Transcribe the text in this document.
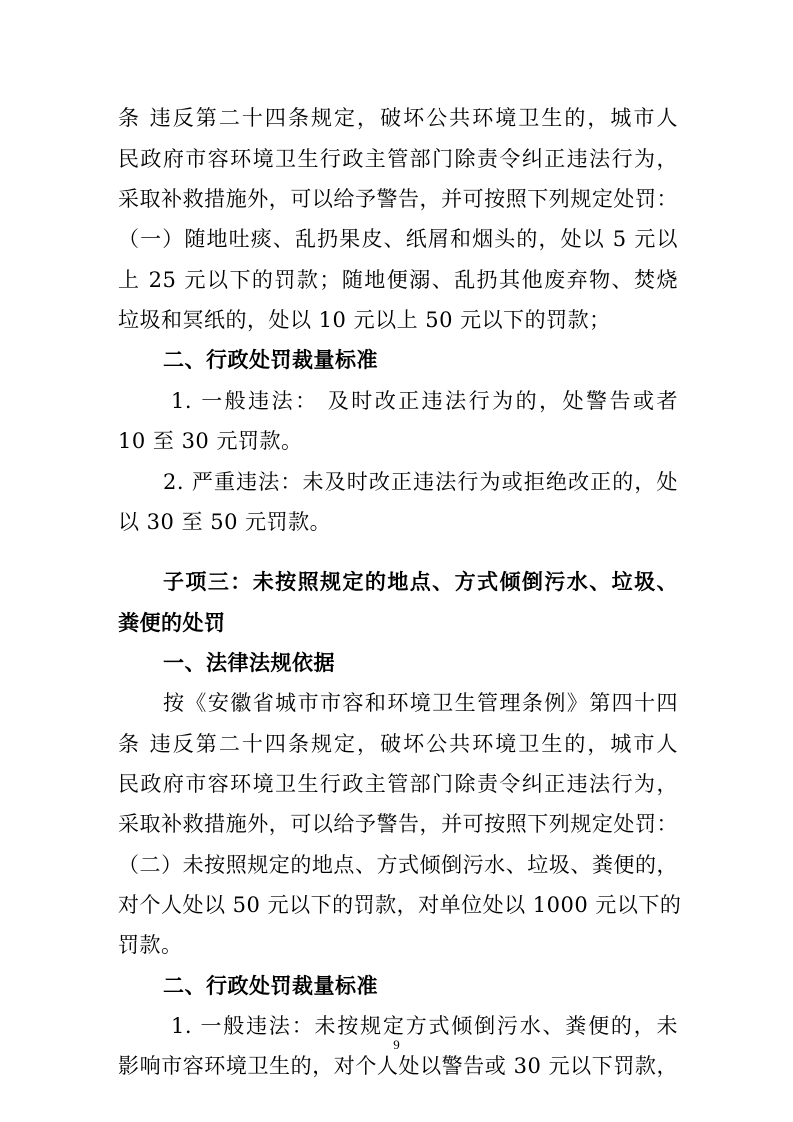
条 违反第二十四条规定，破坏公共环境卫生的，城市人
民政府市容环境卫生行政主管部门除责令纠正违法行为，
采取补救措施外，可以给予警告，并可按照下列规定处罚：
（一）随地吐痰、乱扔果皮、纸屑和烟头的，处以 5 元以
上 25 元以下的罚款；随地便溺、乱扔其他废弃物、焚烧
垃圾和冥纸的，处以 10 元以上 50 元以下的罚款；
二、行政处罚裁量标准
1. 一般违法： 及时改正违法行为的，处警告或者
10 至 30 元罚款。
2. 严重违法：未及时改正违法行为或拒绝改正的，处
以 30 至 50 元罚款。
子项三：未按照规定的地点、方式倾倒污水、垃圾、
粪便的处罚
一、法律法规依据
按《安徽省城市市容和环境卫生管理条例》第四十四
条 违反第二十四条规定，破坏公共环境卫生的，城市人
民政府市容环境卫生行政主管部门除责令纠正违法行为，
采取补救措施外，可以给予警告，并可按照下列规定处罚：
（二）未按照规定的地点、方式倾倒污水、垃圾、粪便的，
对个人处以 50 元以下的罚款，对单位处以 1000 元以下的
罚款。
二、行政处罚裁量标准
1. 一般违法：未按规定方式倾倒污水、粪便的，未
影响市容环境卫生的，对个人处以警告或 30 元以下罚款，
9
